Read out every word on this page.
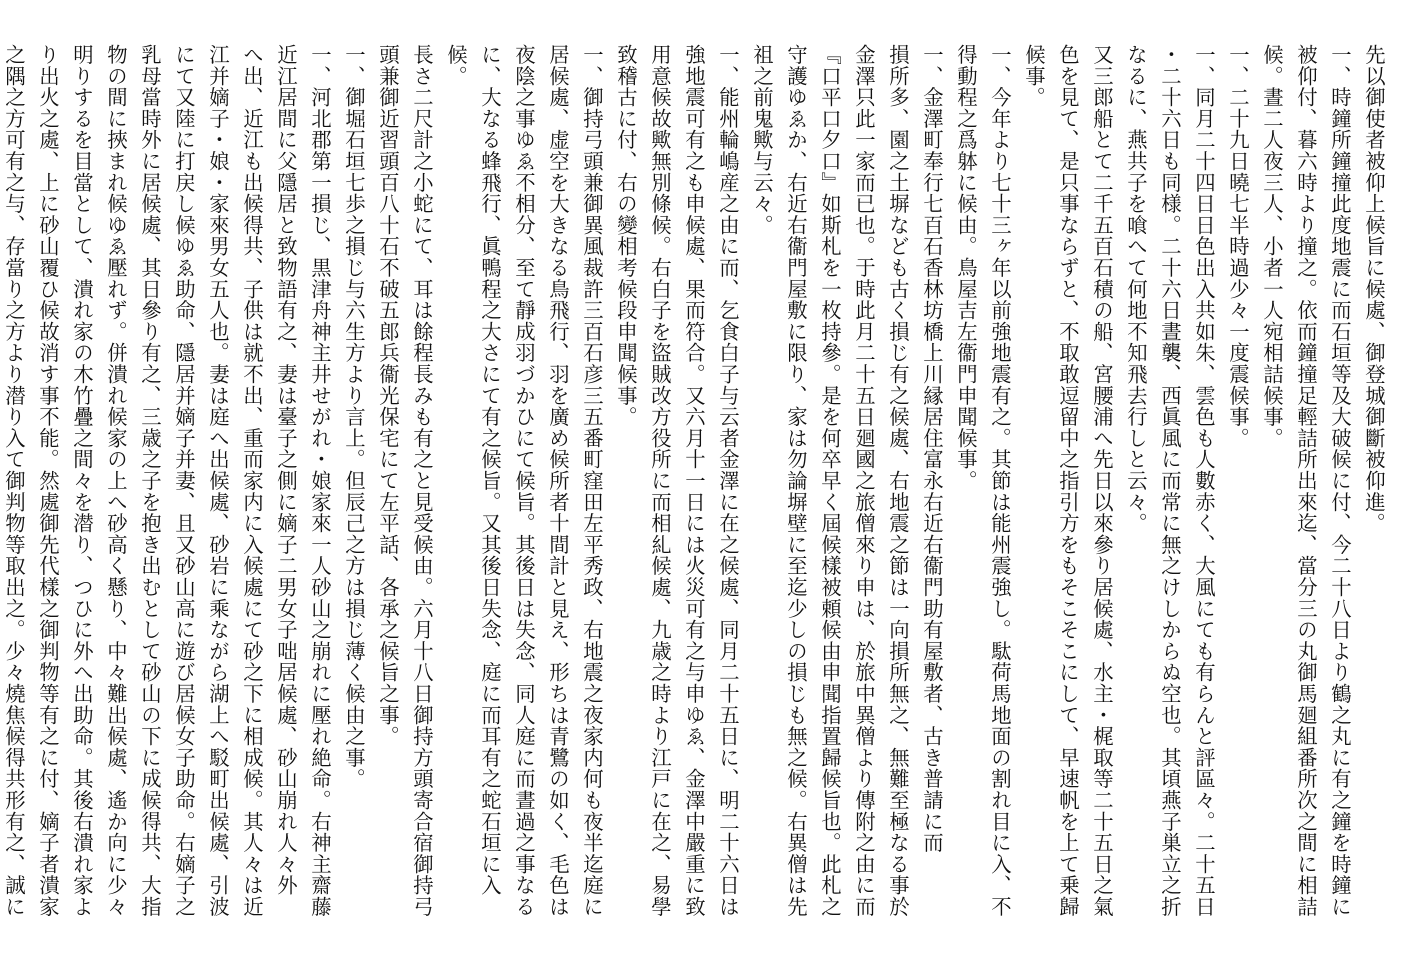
先以御使者被仰上候旨に候處、御登城御斷被仰進。

一、時鐘所鐘撞此度地震に而石垣等及大破候に付、今二十八日より鶴之丸に有之鐘を時鐘に

被仰付、暮六時より撞之。依而鐘撞足輕詰所出來迄、當分三の丸御馬廻組番所次之間に相詰

候。晝二人夜三人、小者一人宛相詰候事。

一、二十九日曉七半時過少々一度震候事。

一、同月二十四日日色出入共如朱、雲色も人數赤く、大風にても有らんと評區々。二十五日

・二十六日も同様。二十六日晝襲、西眞風に而常に無之けしからぬ空也。其頃燕子巣立之折

なるに、燕共子を喰へて何地不知飛去行しと云々。

又三郎船とて二千五百石積の船、宮腰浦へ先日以來參り居候處、水主・梶取等二十五日之氣

色を見て、是只事ならずと、不取敢逗留中之指引方をもそこそこにして、早速帆を上て乗歸

候事。

一、今年より七十三ヶ年以前強地震有之。其節は能州震強し。駄荷馬地面の割れ目に入、不

得動程之爲躰に候由。鳥屋吉左衞門申聞候事。

一、金澤町奉行七百石香林坊橋上川縁居住富永右近右衞門助有屋敷者、古き普請に而

損所多、園之土塀なども古く損じ有之候處、右地震之節は一向損所無之、無難至極なる事於

金澤只此一家而已也。于時此月二十五日廻國之旅僧來り申は、於旅中異僧より傳附之由に而

『口平口夕口』如斯札を一枚持參。是を何卒早く屆候樣被頼候由申聞指置歸候旨也。此札之

守護ゆゑか、右近右衞門屋敷に限り、家は勿論塀壁に至迄少しの損じも無之候。右異僧は先

祖之前鬼歟与云々。

一、能州輪嶋産之由に而、乞食白子与云者金澤に在之候處、同月二十五日に、明二十六日は

強地震可有之も申候處、果而符合。又六月十一日には火災可有之与申ゆゑ、金澤中嚴重に致

用意候故歟無別條候。右白子を盜賊改方役所に而相糺候處、九歳之時より江戸に在之、易學

致稽古に付、右の變相考候段申聞候事。

一、御持弓頭兼御異風裁許三百石彦三五番町窪田左平秀政、右地震之夜家内何も夜半迄庭に

居候處、虚空を大きなる鳥飛行、羽を廣め候所者十間計と見え、形ちは青鷺の如く、毛色は

夜陰之事ゆゑ不相分、至て靜成羽づかひにて候旨。其後日は失念、同人庭に而晝過之事なる

に、大なる蜂飛行、眞鴨程之大さにて有之候旨。又其後日失念、庭に而耳有之蛇石垣に入候。

長さ二尺計之小蛇にて、耳は餘程長みも有之と見受候由。六月十八日御持方頭寄合宿御持弓

頭兼御近習頭百八十石不破五郎兵衞光保宅にて左平話、各承之候旨之事。

一、御堀石垣七歩之損じ与六生方より言上。但辰己之方は損じ薄く候由之事。

一、河北郡第一損じ、黒津舟神主井せがれ・娘家來一人砂山之崩れに壓れ絶命。右神主齋藤

近江居間に父隱居と致物語有之、妻は臺子之側に嫡子二男女子咄居候處、砂山崩れ人々外

へ出、近江も出候得共、子供は就不出、重而家内に入候處にて砂之下に相成候。其人々は近

江并嫡子・娘・家來男女五人也。妻は庭へ出候處、砂岩に乘ながら湖上へ駁町出候處、引波

にて又陸に打戻し候ゆゑ助命、隱居并嫡子并妻、且又砂山高に遊び居候女子助命。右嫡子之

乳母當時外に居候處、其日參り有之、三歳之子を抱き出むとして砂山の下に成候得共、大指

物の間に挾まれ候ゆゑ壓れず。併潰れ候家の上へ砂高く懸り、中々難出候處、遙か向に少々

明りするを目當として、潰れ家の木竹疊之間々を潜り、つひに外へ出助命。其後右潰れ家よ

り出火之處、上に砂山覆ひ候故消す事不能。然處御先代樣之御判物等有之に付、嫡子者潰家

之隅之方可有之与、存當り之方より潜り入て御判物等取出之。少々燒焦候得共形有之、誠に
